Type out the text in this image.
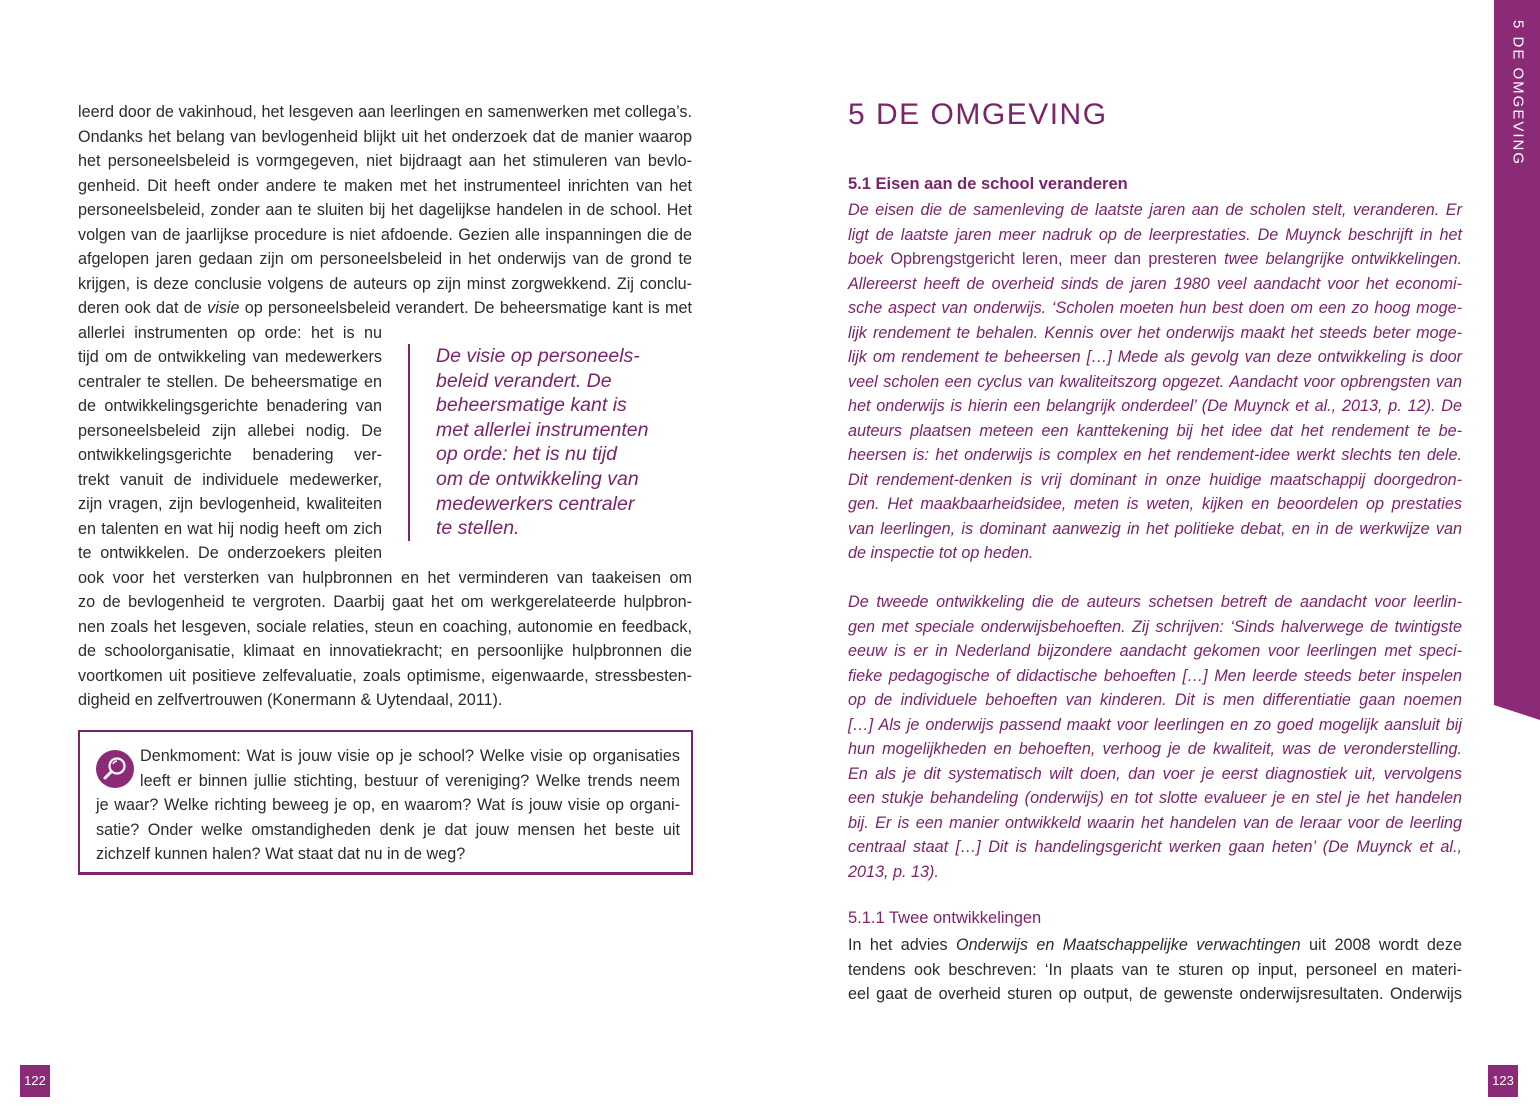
leerd door de vakinhoud, het lesgeven aan leerlingen en samenwerken met collega’s.
Ondanks het belang van bevlogenheid blijkt uit het onderzoek dat de manier waarop
het personeelsbeleid is vormgegeven, niet bijdraagt aan het stimuleren van bevlo-
genheid. Dit heeft onder andere te maken met het instrumenteel inrichten van het
personeelsbeleid, zonder aan te sluiten bij het dagelijkse handelen in de school. Het
volgen van de jaarlijkse procedure is niet afdoende. Gezien alle inspanningen die de
afgelopen jaren gedaan zijn om personeelsbeleid in het onderwijs van de grond te
krijgen, is deze conclusie volgens de auteurs op zijn minst zorgwekkend. Zij conclu-
deren ook dat de visie op personeelsbeleid verandert. De beheersmatige kant is met
allerlei instrumenten op orde: het is nu
tijd om de ontwikkeling van medewerkers
centraler te stellen. De beheersmatige en
de ontwikkelingsgerichte benadering van
personeelsbeleid zijn allebei nodig. De
ontwikkelingsgerichte benadering ver-
trekt vanuit de individuele medewerker,
zijn vragen, zijn bevlogenheid, kwaliteiten
en talenten en wat hij nodig heeft om zich
te ontwikkelen. De onderzoekers pleiten
ook voor het versterken van hulpbronnen en het verminderen van taakeisen om
zo de bevlogenheid te vergroten. Daarbij gaat het om werkgerelateerde hulpbron-
nen zoals het lesgeven, sociale relaties, steun en coaching, autonomie en feedback,
de schoolorganisatie, klimaat en innovatiekracht; en persoonlijke hulpbronnen die
voortkomen uit positieve zelfevaluatie, zoals optimisme, eigenwaarde, stressbesten-
digheid en zelfvertrouwen (Konermann & Uytendaal, 2011).
De visie op personeels-
beleid verandert. De
beheersmatige kant is
met allerlei instrumenten
op orde: het is nu tijd
om de ontwikkeling van
medewerkers centraler
te stellen.
Denkmoment: Wat is jouw visie op je school? Welke visie op organisaties
leeft er binnen jullie stichting, bestuur of vereniging? Welke trends neem
je waar? Welke richting beweeg je op, en waarom? Wat ís jouw visie op organi-
satie? Onder welke omstandigheden denk je dat jouw mensen het beste uit
zichzelf kunnen halen? Wat staat dat nu in de weg?
122
5 DE OMGEVING
5.1 Eisen aan de school veranderen
De eisen die de samenleving de laatste jaren aan de scholen stelt, veranderen. Er
ligt de laatste jaren meer nadruk op de leerprestaties. De Muynck beschrijft in het
boek Opbrengstgericht leren, meer dan presteren twee belangrijke ontwikkelingen.
Allereerst heeft de overheid sinds de jaren 1980 veel aandacht voor het economi-
sche aspect van onderwijs. ‘Scholen moeten hun best doen om een zo hoog moge-
lijk rendement te behalen. Kennis over het onderwijs maakt het steeds beter moge-
lijk om rendement te beheersen […] Mede als gevolg van deze ontwikkeling is door
veel scholen een cyclus van kwaliteitszorg opgezet. Aandacht voor opbrengsten van
het onderwijs is hierin een belangrijk onderdeel’ (De Muynck et al., 2013, p. 12). De
auteurs plaatsen meteen een kanttekening bij het idee dat het rendement te be-
heersen is: het onderwijs is complex en het rendement-idee werkt slechts ten dele.
Dit rendement-denken is vrij dominant in onze huidige maatschappij doorgedron-
gen. Het maakbaarheidsidee, meten is weten, kijken en beoordelen op prestaties
van leerlingen, is dominant aanwezig in het politieke debat, en in de werkwijze van
de inspectie tot op heden.
De tweede ontwikkeling die de auteurs schetsen betreft de aandacht voor leerlin-
gen met speciale onderwijsbehoeften. Zij schrijven: ‘Sinds halverwege de twintigste
eeuw is er in Nederland bijzondere aandacht gekomen voor leerlingen met speci-
fieke pedagogische of didactische behoeften […] Men leerde steeds beter inspelen
op de individuele behoeften van kinderen. Dit is men differentiatie gaan noemen
[…] Als je onderwijs passend maakt voor leerlingen en zo goed mogelijk aansluit bij
hun mogelijkheden en behoeften, verhoog je de kwaliteit, was de veronderstelling.
En als je dit systematisch wilt doen, dan voer je eerst diagnostiek uit, vervolgens
een stukje behandeling (onderwijs) en tot slotte evalueer je en stel je het handelen
bij. Er is een manier ontwikkeld waarin het handelen van de leraar voor de leerling
centraal staat […] Dit is handelingsgericht werken gaan heten’ (De Muynck et al.,
2013, p. 13).
5.1.1 Twee ontwikkelingen
In het advies Onderwijs en Maatschappelijke verwachtingen uit 2008 wordt deze
tendens ook beschreven: ‘In plaats van te sturen op input, personeel en materi-
eel gaat de overheid sturen op output, de gewenste onderwijsresultaten. Onderwijs
5 DE OMGEVING
123
